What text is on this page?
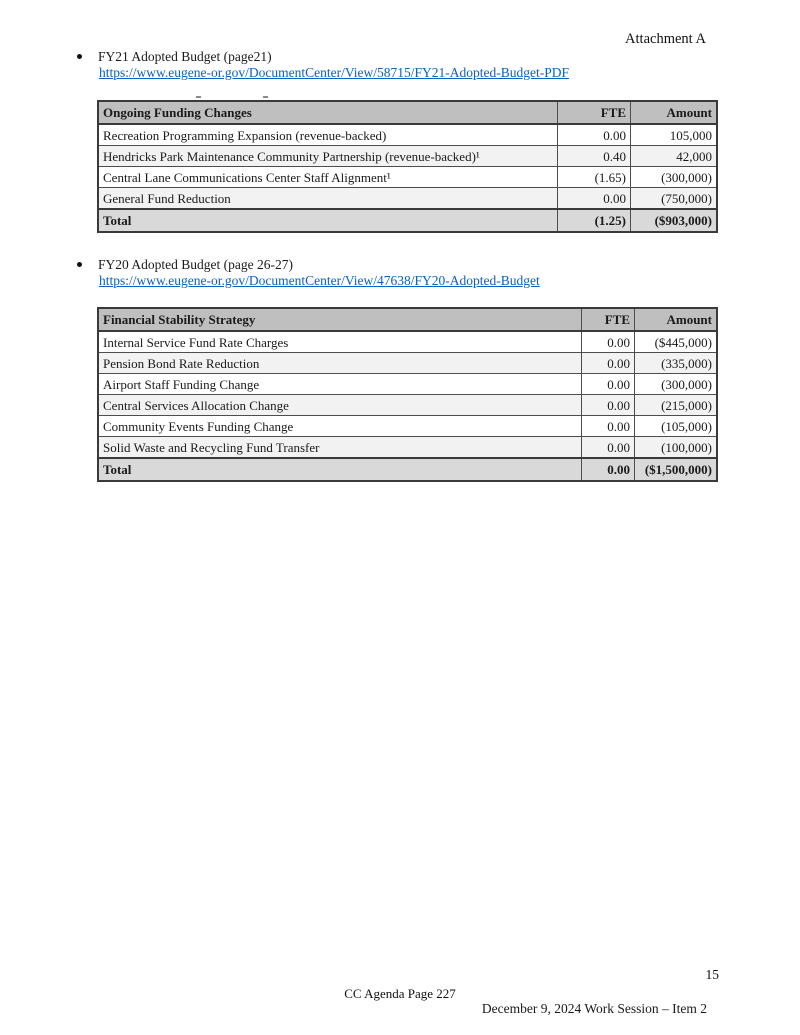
Attachment A
FY21 Adopted Budget (page21)
https://www.eugene-or.gov/DocumentCenter/View/58715/FY21-Adopted-Budget-PDF
Ongoing Funding Changes	FTE	Amount
Recreation Programming Expansion (revenue-backed)	0.00	105,000
Hendricks Park Maintenance Community Partnership (revenue-backed)¹	0.40	42,000
Central Lane Communications Center Staff Alignment¹	(1.65)	(300,000)
General Fund Reduction	0.00	(750,000)
Total	(1.25)	($903,000)
FY20 Adopted Budget (page 26-27)
https://www.eugene-or.gov/DocumentCenter/View/47638/FY20-Adopted-Budget
Financial Stability Strategy	FTE	Amount
Internal Service Fund Rate Charges	0.00	($445,000)
Pension Bond Rate Reduction	0.00	(335,000)
Airport Staff Funding Change	0.00	(300,000)
Central Services Allocation Change	0.00	(215,000)
Community Events Funding Change	0.00	(105,000)
Solid Waste and Recycling Fund Transfer	0.00	(100,000)
Total	0.00	($1,500,000)
15
CC Agenda Page 227
December 9, 2024 Work Session – Item 2
